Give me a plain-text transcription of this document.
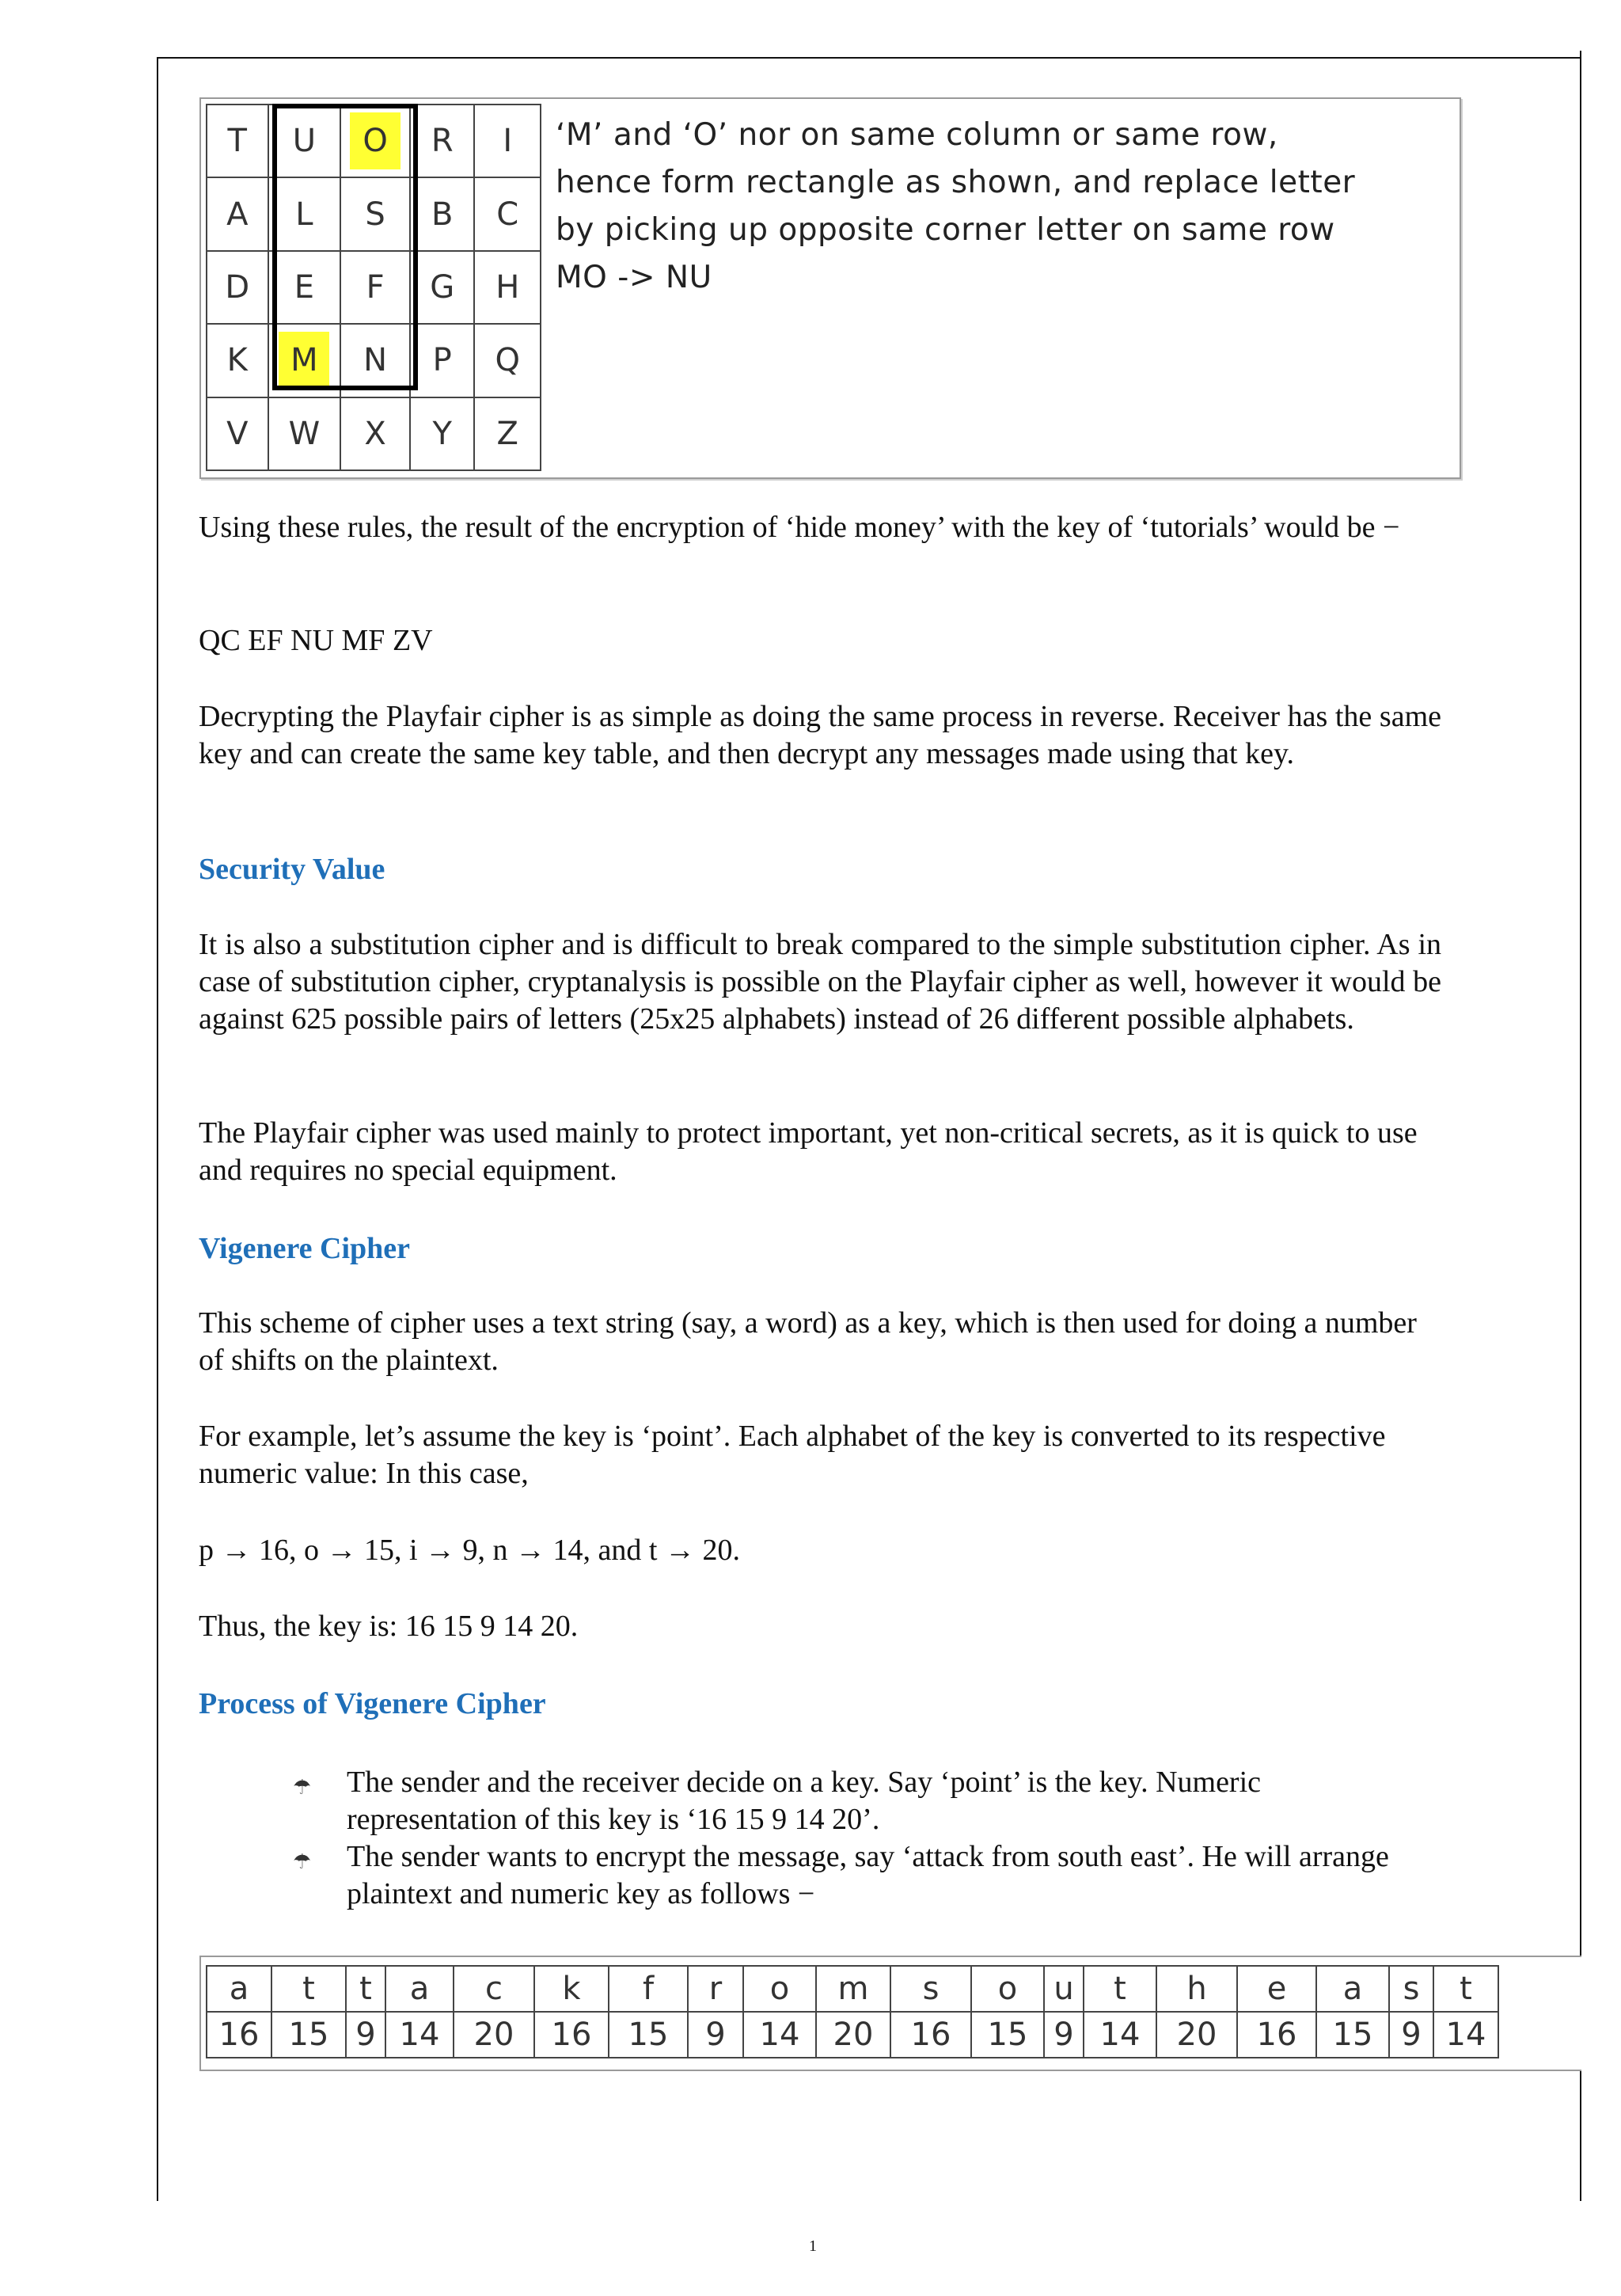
T	U	O	R	I
A	L	S	B	C
D	E	F	G	H
K	M	N	P	Q
V	W	X	Y	Z
‘M’ and ‘O’ nor on same column or same row,
hence form rectangle as shown, and replace letter
by picking up opposite corner letter on same row
MO -> NU
Using these rules, the result of the encryption of ‘hide money’ with the key of ‘tutorials’ would be −
QC EF NU MF ZV
Decrypting the Playfair cipher is as simple as doing the same process in reverse. Receiver has the same key and can create the same key table, and then decrypt any messages made using that key.
Security Value
It is also a substitution cipher and is difficult to break compared to the simple substitution cipher. As in case of substitution cipher, cryptanalysis is possible on the Playfair cipher as well, however it would be against 625 possible pairs of letters (25x25 alphabets) instead of 26 different possible alphabets.
The Playfair cipher was used mainly to protect important, yet non-critical secrets, as it is quick to use and requires no special equipment.
Vigenere Cipher
This scheme of cipher uses a text string (say, a word) as a key, which is then used for doing a number of shifts on the plaintext.
For example, let’s assume the key is ‘point’. Each alphabet of the key is converted to its respective numeric value: In this case,
p → 16, o → 15, i → 9, n → 14, and t → 20.
Thus, the key is: 16 15 9 14 20.
Process of Vigenere Cipher
☂ The sender and the receiver decide on a key. Say ‘point’ is the key. Numeric representation of this key is ‘16 15 9 14 20’.
☂ The sender wants to encrypt the message, say ‘attack from south east’. He will arrange plaintext and numeric key as follows −
a	t	t	a	c	k	f	r	o	m	s	o	u	t	h	e	a	s	t
16	15	9	14	20	16	15	9	14	20	16	15	9	14	20	16	15	9	14
1
